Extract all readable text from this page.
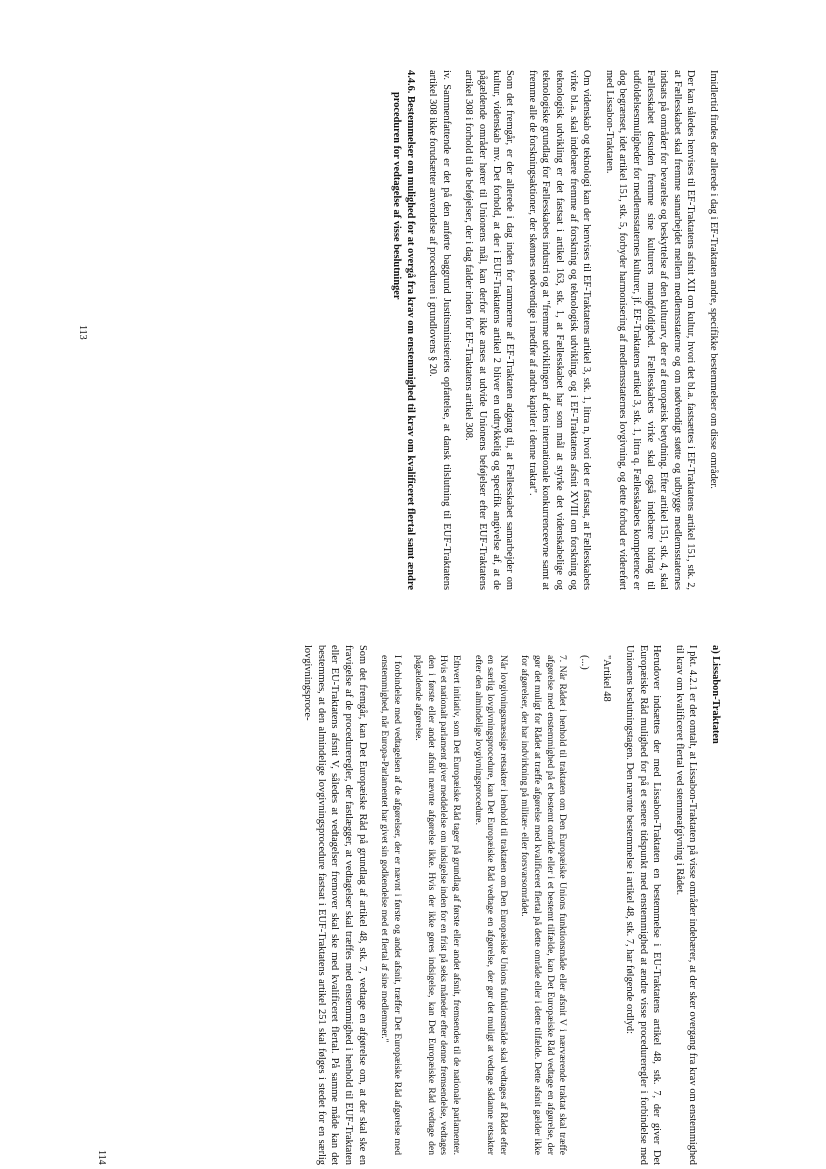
Imidlertid findes der allerede i dag i EF-Traktaten andre, specifikke bestemmelser om disse områder.

Der kan således henvises til EF-Traktatens afsnit XII om kultur, hvori det bl.a. fastsættes i EF-Traktatens artikel 151, stk. 2, at Fællesskabet skal fremme samarbejdet mellem medlemsstaterne og om nødvendigt støtte og udbygge medlemsstaternes indsats på områdeт for bevarelse og beskyttelse af den kulturarv, der er af europæisk betydning. Efter artikel 151, stk. 4, skal Fællesskabet desuden fremme sine kulturers mangfoldighed. Fællesskabets virke skal også indebære bidrag til udfoldelsesmuligheder for medlemsstaternes kulturer, jf. EF-Traktatens artikel 3, stk. 1, litra q. Fællesskabets kompetence er dog begrænset, idet artikel 151, stk. 5, forbyder harmonisering af medlemsstaternes lovgivning, og dette forbud er videreført med Lissabon-Traktaten.

Om videnskab og teknologi kan der henvises til EF-Traktatens artikel 3, stk. 1, litra n, hvori det er fastsat, at Fællesskabets virke bl.a. skal indebære fremme af forskning og teknologisk udvikling, og i EF-Traktatens afsnit XVIII om forskning og teknologisk udvikling er det fastsat i artikel 163, stk. 1, at Fællesskabet har som mål at styrke det videnskabelige og teknologiske grundlag for Fællesskabets industri og at "fremme udviklingen af dens internationale konkurrenceevne samt at fremme alle de forskningsaktioner, der skønnes nødvendige i medfør af andre kapitler i denne traktat".

Som det fremgår, er der allerede i dag inden for rammerne af EF-Traktaten adgang til, at Fællesskabet samarbejder om kultur, videnskab mv. Det forhold, at der i EUF-Traktatens artikel 2 bliver en udtrykkelig og specifik angivelse af, at de pågældende områder hører til Unionens mål, kan derfor ikke anses at udvide Unionens beføjelser efter EUF-Traktatens artikel 308 i forhold til de beføjelser, der i dag falder inden for EF-Traktatens artikel 308.

iv. Sammenfattende er det på den anførte baggrund Justitsministeriets opfattelse, at dansk tilslutning til EUF-Traktatens artikel 308 ikke forudsætter anvendelse af proceduren i grundlovens § 20.

4.4.6. Bestemmelser om mulighed for at overgå fra krav om enstemmighed til krav om kvalificeret flertal samt ændre proceduren for vedtagelse af visse beslutninger

113

a) Lissabon-Traktaten

I pkt. 4.2.1 er det omtalt, at Lissabon-Traktaten på visse områder indebærer, at der sker overgang fra krav om enstemmighed til krav om kvalificeret flertal ved stemmeafgivning i Rådet.

Herudover indsættes der med Lissabon-Traktaten en bestemmelse i EU-Traktatens artikel 48, stk. 7, der giver Det Europæiske Råd mulighed for på et senere tidspunkt med enstemmighed at ændre visse procedureregler i forbindelse med Unionens beslutningstagen. Den nævnte bestemmelse i artikel 48, stk. 7, har følgende ordlyd:

"Artikel 48

(...)

7. Når Rådet i henhold til traktaten om Den Europæiske Unions funktionsmåde eller afsnit V i nærværende traktat skal træffe afgørelse med enstemmighed på et bestemt område eller i et bestemt tilfælde, kan Det Europæiske Råd vedtage en afgørelse, der gør det muligt for Rådet at træffe afgørelse med kvalificeret flertal på dette område eller i dette tilfælde. Dette afsnit gælder ikke for afgørelser, der har indvirkning på militær- eller forsvarsområdet.

Når lovgivningsmæssige retsakter i henhold til traktaten om Den Europæiske Unions funktionsmåde skal vedtages af Rådet efter en særlig lovgivningsprocedure, kan Det Europæiske Råd vedtage en afgørelse, der gør det muligt at vedtage sådanne retsakter efter den almindelige lovgivningsprocedure.

Ethvert initiativ, som Det Europæiske Råd tager på grundlag af første eller andet afsnit, fremsendes til de nationale parlamenter. Hvis et nationalt parlament giver meddelelse om indsigelse inden for en frist på seks måneder efter denne fremsendelse, vedtages den i første eller andet afsnit nævnte afgørelse ikke. Hvis der ikke gøres indsigelse, kan Det Europæiske Råd vedtage den pågældende afgørelse.

I forbindelse med vedtagelsen af de afgørelser, der er nævnt i første og andet afsnit, træffer Det Europæiske Råd afgørelse med enstemmighed, når Europa-Parlamentet har givet sin godkendelse med et flertal af sine medlemmer."

Som det fremgår, kan Det Europæiske Råd på grundlag af artikel 48, stk. 7, vedtage en afgørelse om, at der skal ske en fravigelse af de procedureregler, der fastlægger, at vedtagelser skal træffes med enstemmighed i henhold til EUF-Traktaten eller EU-Traktatens afsnit V, således at vedtagelser fremover skal ske med kvalificeret flertal. På samme måde kan det bestemmes, at den almindelige lovgivningsprocedure fastsat i EUF-Traktatens artikel 251 skal følges i stedet for en særlig lovgivningsproce-

114
